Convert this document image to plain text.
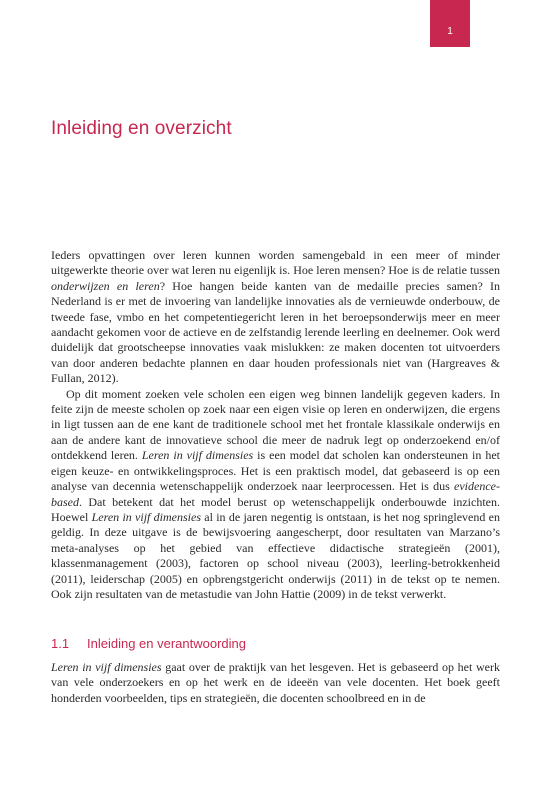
1
Inleiding en overzicht

Ieders opvattingen over leren kunnen worden samengebald in een meer of minder uitgewerkte theorie over wat leren nu eigenlijk is. Hoe leren mensen? Hoe is de relatie tussen onderwijzen en leren? Hoe hangen beide kanten van de medaille precies samen? In Nederland is er met de invoering van landelijke innovaties als de vernieuwde onderbouw, de tweede fase, vmbo en het competentiegericht leren in het beroepsonderwijs meer en meer aandacht gekomen voor de actieve en de zelfstandig lerende leerling en deelnemer. Ook werd duidelijk dat grootscheepse innovaties vaak mislukken: ze maken docenten tot uitvoerders van door anderen bedachte plannen en daar houden professionals niet van (Hargreaves & Fullan, 2012).

Op dit moment zoeken vele scholen een eigen weg binnen landelijk gegeven kaders. In feite zijn de meeste scholen op zoek naar een eigen visie op leren en onderwijzen, die ergens in ligt tussen aan de ene kant de traditionele school met het frontale klassikale onderwijs en aan de andere kant de innovatieve school die meer de nadruk legt op onderzoekend en/of ontdekkend leren. Leren in vijf dimensies is een model dat scholen kan ondersteunen in het eigen keuze- en ontwikkelingsproces. Het is een praktisch model, dat gebaseerd is op een analyse van decennia wetenschappelijk onderzoek naar leerprocessen. Het is dus evidence-based. Dat betekent dat het model berust op wetenschappelijk onderbouwde inzichten. Hoewel Leren in vijf dimensies al in de jaren negentig is ontstaan, is het nog springlevend en geldig. In deze uitgave is de bewijsvoering aangescherpt, door resultaten van Marzano’s meta-analyses op het gebied van effectieve didactische strategieën (2001), klassenmanagement (2003), factoren op school niveau (2003), leerling-betrokkenheid (2011), leiderschap (2005) en opbrengstgericht onderwijs (2011) in de tekst op te nemen. Ook zijn resultaten van de metastudie van John Hattie (2009) in de tekst verwerkt.

1.1 Inleiding en verantwoording

Leren in vijf dimensies gaat over de praktijk van het lesgeven. Het is gebaseerd op het werk van vele onderzoekers en op het werk en de ideeën van vele docenten. Het boek geeft honderden voorbeelden, tips en strategieën, die docenten schoolbreed en in de
